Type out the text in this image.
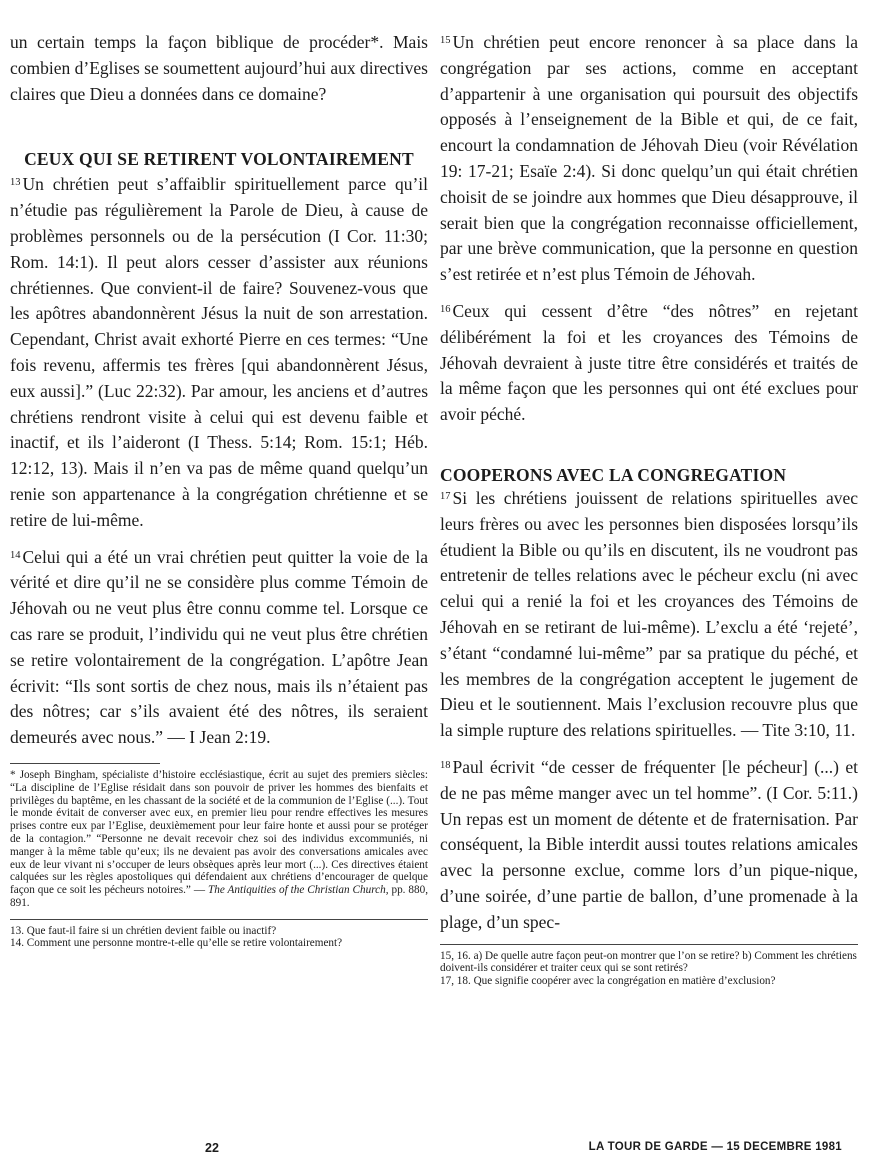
un certain temps la façon biblique de procéder*. Mais combien d’Eglises se soumettent aujourd’hui aux directives claires que Dieu a données dans ce domaine?

CEUX QUI SE RETIRENT VOLONTAIREMENT

$^{13}$ Un chrétien peut s’affaiblir spirituellement parce qu’il n’étudie pas régulièrement la Parole de Dieu, à cause de problèmes personnels ou de la persécution (I Cor. 11:30; Rom. 14:1). Il peut alors cesser d’assister aux réunions chrétiennes. Que convient-il de faire? Souvenez-vous que les apôtres abandonnèrent Jésus la nuit de son arrestation. Cependant, Christ avait exhorté Pierre en ces termes: “Une fois revenu, affermis tes frères [qui abandonnèrent Jésus, eux aussi].” (Luc 22:32). Par amour, les anciens et d’autres chrétiens rendront visite à celui qui est devenu faible et inactif, et ils l’aideront (I Thess. 5:14; Rom. 15:1; Héb. 12:12, 13). Mais il n’en va pas de même quand quelqu’un renie son appartenance à la congrégation chrétienne et se retire de lui-même.

$^{14}$ Celui qui a été un vrai chrétien peut quitter la voie de la vérité et dire qu’il ne se considère plus comme Témoin de Jéhovah ou ne veut plus être connu comme tel. Lorsque ce cas rare se produit, l’individu qui ne veut plus être chrétien se retire volontairement de la congrégation. L’apôtre Jean écrivit: “Ils sont sortis de chez nous, mais ils n’étaient pas des nôtres; car s’ils avaient été des nôtres, ils seraient demeurés avec nous.” — I Jean 2:19.

* Joseph Bingham, spécialiste d’histoire ecclésiastique, écrit au sujet des premiers siècles: “La discipline de l’Eglise résidait dans son pouvoir de priver les hommes des bienfaits et privilèges du baptême, en les chassant de la société et de la communion de l’Eglise (...). Tout le monde évitait de converser avec eux, en premier lieu pour rendre effectives les mesures prises contre eux par l’Eglise, deuxièmement pour leur faire honte et aussi pour se protéger de la contagion.” “Personne ne devait recevoir chez soi des individus excommuniés, ni manger à la même table qu’eux; ils ne devaient pas avoir des conversations amicales avec eux de leur vivant ni s’occuper de leurs obsèques après leur mort (...). Ces directives étaient calquées sur les règles apostoliques qui défendaient aux chrétiens d’encourager de quelque façon que ce soit les pécheurs notoires.” — The Antiquities of the Christian Church, pp. 880, 891.

13. Que faut-il faire si un chrétien devient faible ou inactif?

14. Comment une personne montre-t-elle qu’elle se retire volontairement?

$^{15}$ Un chrétien peut encore renoncer à sa place dans la congrégation par ses actions, comme en acceptant d’appartenir à une organisation qui poursuit des objectifs opposés à l’enseignement de la Bible et qui, de ce fait, encourt la condamnation de Jéhovah Dieu (voir Révélation 19: 17-21; Esaïe 2:4). Si donc quelqu’un qui était chrétien choisit de se joindre aux hommes que Dieu désapprouve, il serait bien que la congrégation reconnaisse officiellement, par une brève communication, que la personne en question s’est retirée et n’est plus Témoin de Jéhovah.

$^{16}$ Ceux qui cessent d’être “des nôtres” en rejetant délibérément la foi et les croyances des Témoins de Jéhovah devraient à juste titre être considérés et traités de la même façon que les personnes qui ont été exclues pour avoir péché.

COOPERONS AVEC LA CONGREGATION

$^{17}$ Si les chrétiens jouissent de relations spirituelles avec leurs frères ou avec les personnes bien disposées lorsqu’ils étudient la Bible ou qu’ils en discutent, ils ne voudront pas entretenir de telles relations avec le pécheur exclu (ni avec celui qui a renié la foi et les croyances des Témoins de Jéhovah en se retirant de lui-même). L’exclu a été ‘rejeté’, s’étant “condamné lui-même” par sa pratique du péché, et les membres de la congrégation acceptent le jugement de Dieu et le soutiennent. Mais l’exclusion recouvre plus que la simple rupture des relations spirituelles. — Tite 3:10, 11.

$^{18}$ Paul écrivit “de cesser de fréquenter [le pécheur] (...) et de ne pas même manger avec un tel homme”. (I Cor. 5:11.) Un repas est un moment de détente et de fraternisation. Par conséquent, la Bible interdit aussi toutes relations amicales avec la personne exclue, comme lors d’un pique-nique, d’une soirée, d’une partie de ballon, d’une promenade à la plage, d’un spec-

15, 16. a) De quelle autre façon peut-on montrer que l’on se retire? b) Comment les chrétiens doivent-ils considérer et traiter ceux qui se sont retirés?

17, 18. Que signifie coopérer avec la congrégation en matière d’exclusion?

22	LA TOUR DE GARDE — 15 DECEMBRE 1981
